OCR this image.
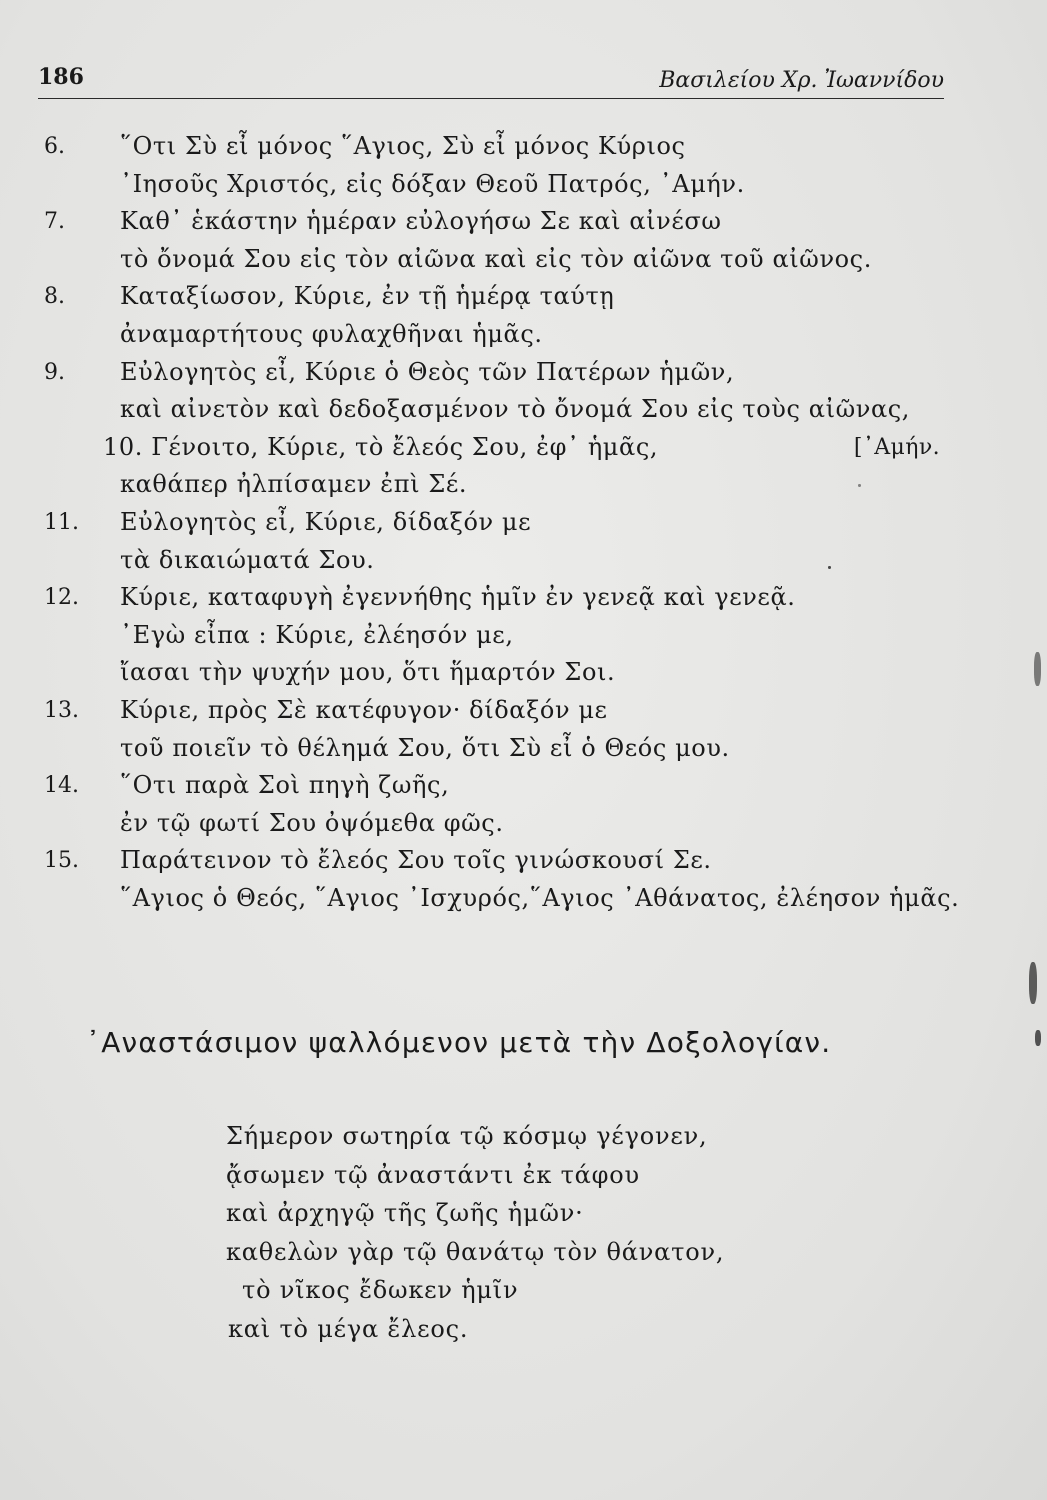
186	Βασιλείου Χρ. Ἰωαννίδου
6.	῞Οτι Σὺ εἶ μόνος ῞Αγιος, Σὺ εἶ μόνος Κύριος
᾿Ιησοῦς Χριστός, εἰς δόξαν Θεοῦ Πατρός, ᾿Αμήν.
7.	Καθ᾿ ἑκάστην ἡμέραν εὐλογήσω Σε καὶ αἰνέσω
τὸ ὄνομά Σου εἰς τὸν αἰῶνα καὶ εἰς τὸν αἰῶνα τοῦ αἰῶνος.
8.	Καταξίωσον, Κύριε, ἐν τῇ ἡμέρᾳ ταύτῃ
ἀναμαρτήτους φυλαχθῆναι ἡμᾶς.
9.	Εὐλογητὸς εἶ, Κύριε ὁ Θεὸς τῶν Πατέρων ἡμῶν,
καὶ αἰνετὸν καὶ δεδοξασμένον τὸ ὄνομά Σου εἰς τοὺς αἰῶνας,
10. Γένοιτο, Κύριε, τὸ ἔλεός Σου, ἐφ᾿ ἡμᾶς,	[᾿Αμήν.
καθάπερ ἠλπίσαμεν ἐπὶ Σέ.
11.	Εὐλογητὸς εἶ, Κύριε, δίδαξόν με
τὰ δικαιώματά Σου.
12.	Κύριε, καταφυγὴ ἐγεννήθης ἡμῖν ἐν γενεᾷ καὶ γενεᾷ.
᾿Εγὼ εἶπα : Κύριε, ἐλέησόν με,
ἴασαι τὴν ψυχήν μου, ὅτι ἥμαρτόν Σοι.
13.	Κύριε, πρὸς Σὲ κατέφυγον· δίδαξόν με
τοῦ ποιεῖν τὸ θέλημά Σου, ὅτι Σὺ εἶ ὁ Θεός μου.
14.	῞Οτι παρὰ Σοὶ πηγὴ ζωῆς,
ἐν τῷ φωτί Σου ὀψόμεθα φῶς.
15.	Παράτεινον τὸ ἔλεός Σου τοῖς γινώσκουσί Σε.
῞Αγιος ὁ Θεός, ῞Αγιος ᾿Ισχυρός,῞Αγιος ᾿Αθάνατος, ἐλέησον ἡμᾶς.
᾿Αναστάσιμον ψαλλόμενον μετὰ τὴν Δοξολογίαν.
Σήμερον σωτηρία τῷ κόσμῳ γέγονεν,
ᾄσωμεν τῷ ἀναστάντι ἐκ τάφου
καὶ ἀρχηγῷ τῆς ζωῆς ἡμῶν·
καθελὼν γὰρ τῷ θανάτῳ τὸν θάνατον,
τὸ νῖκος ἔδωκεν ἡμῖν
καὶ τὸ μέγα ἔλεος.
